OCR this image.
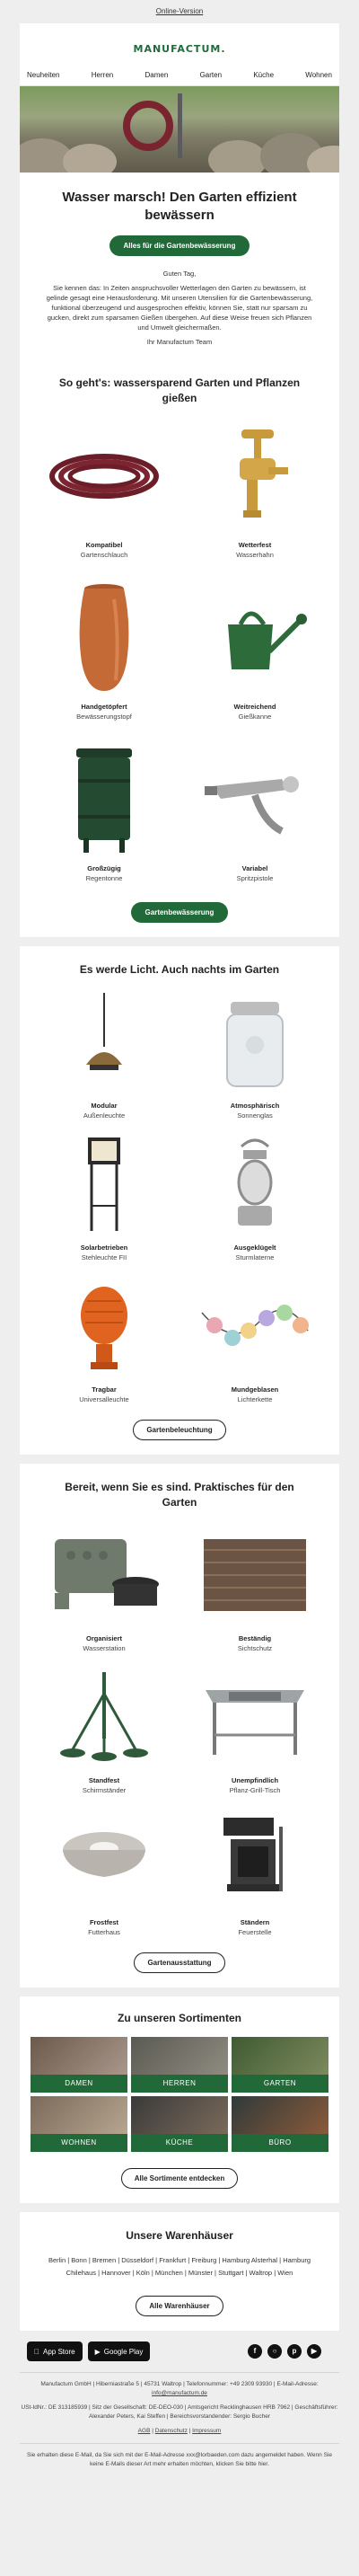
Online-Version
MANUFACTUM.
Neuheiten	Herren	Damen	Garten	Küche	Wohnen
Wasser marsch! Den Garten effizient bewässern
Alles für die Gartenbewässerung

Guten Tag,

Sie kennen das: In Zeiten anspruchsvoller Wetterlagen den Garten zu bewässern, ist gelinde gesagt eine Herausforderung. Mit unseren Utensilien für die Gartenbewässerung, funktional überzeugend und ausgesprochen effektiv, können Sie, statt nur sparsam zu gucken, direkt zum sparsamen Gießen übergehen. Auf diese Weise freuen sich Pflanzen und Umwelt gleichermaßen.

Ihr Manufactum Team

So geht's: wassersparend Garten und Pflanzen gießen
Kompatibel
Gartenschlauch
Wetterfest
Wasserhahn
Handgetöpfert
Bewässerungstopf
Weitreichend
Gießkanne
Großzügig
Regentonne
Variabel
Spritzpistole
Gartenbewässerung
Es werde Licht. Auch nachts im Garten
Modular
Außenleuchte
Atmosphärisch
Sonnenglas
Solarbetrieben
Stehleuchte FII
Ausgeklügelt
Sturmlaterne
Tragbar
Universalleuchte
Mundgeblasen
Lichterkette
Gartenbeleuchtung
Bereit, wenn Sie es sind. Praktisches für den Garten
Organisiert
Wasserstation
Beständig
Sichtschutz
Standfest
Schirmständer
Unempfindlich
Pflanz-Grill-Tisch
Frostfest
Futterhaus
Ständern
Feuerstelle
Gartenausstattung
Zu unseren Sortimenten
DAMEN	HERREN	GARTEN
WOHNEN	KÜCHE	BÜRO
Alle Sortimente entdecken
Unsere Warenhäuser
Berlin | Bonn | Bremen | Düsseldorf | Frankfurt | Freiburg | Hamburg Alsterhal | Hamburg Chilehaus | Hannover | Köln | München | Münster | Stuttgart | Waltrop | Wien
Alle Warenhäuser
App Store	▶ Google Play	f	○	p	▶
Manufactum GmbH | Hiberniastraße 5 | 45731 Waltrop | Telefonnummer: +49 2309 93930 | E-Mail-Adresse: info@manufactum.de
USt-IdNr.: DE 313185939 | Sitz der Gesellschaft: DE-DEO-030 | Amtsgericht Recklinghausen HRB 7962 | Geschäftsführer: Alexander Peters, Kai Steffen | Bereichsvorstandender: Sergio Bucher
AGB | Datenschutz | Impressum
Sie erhalten diese E-Mail, da Sie sich mit der E-Mail-Adresse xxx@lorbaeden.com dazu angemeldet haben. Wenn Sie keine E-Mails dieser Art mehr erhalten möchten, klicken Sie bitte hier.
